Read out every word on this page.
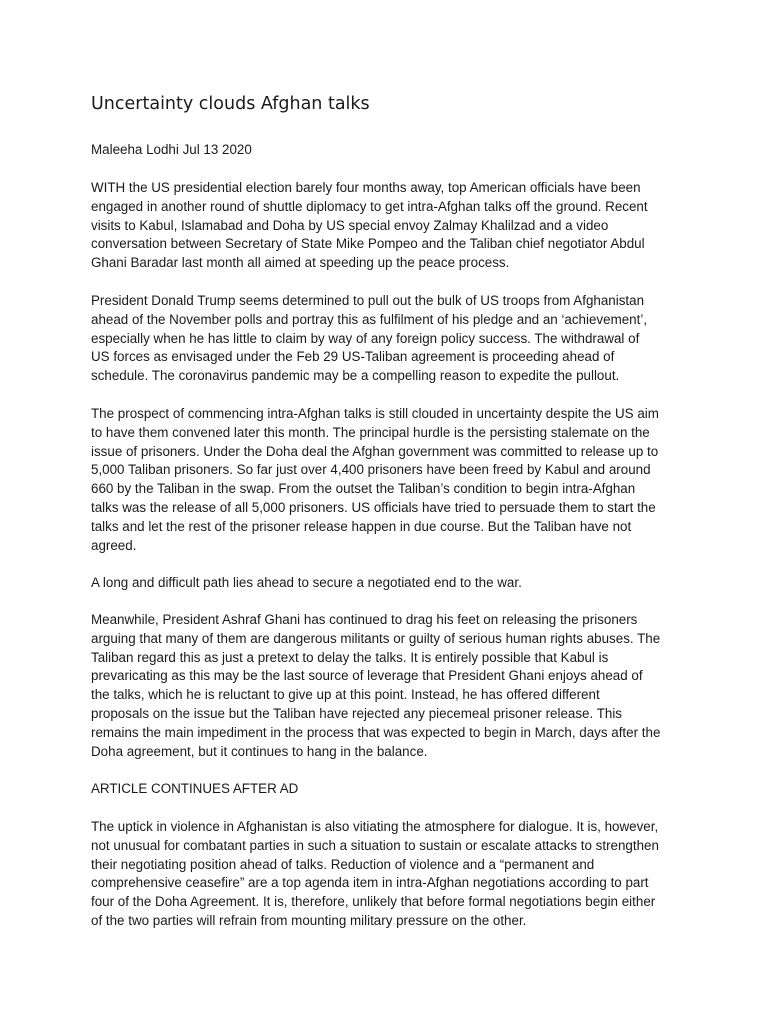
Uncertainty clouds Afghan talks

Maleeha Lodhi Jul 13 2020

WITH the US presidential election barely four months away, top American officials have been
engaged in another round of shuttle diplomacy to get intra-Afghan talks off the ground. Recent
visits to Kabul, Islamabad and Doha by US special envoy Zalmay Khalilzad and a video
conversation between Secretary of State Mike Pompeo and the Taliban chief negotiator Abdul
Ghani Baradar last month all aimed at speeding up the peace process.

President Donald Trump seems determined to pull out the bulk of US troops from Afghanistan
ahead of the November polls and portray this as fulfilment of his pledge and an ‘achievement’,
especially when he has little to claim by way of any foreign policy success. The withdrawal of
US forces as envisaged under the Feb 29 US-Taliban agreement is proceeding ahead of
schedule. The coronavirus pandemic may be a compelling reason to expedite the pullout.

The prospect of commencing intra-Afghan talks is still clouded in uncertainty despite the US aim
to have them convened later this month. The principal hurdle is the persisting stalemate on the
issue of prisoners. Under the Doha deal the Afghan government was committed to release up to
5,000 Taliban prisoners. So far just over 4,400 prisoners have been freed by Kabul and around
660 by the Taliban in the swap. From the outset the Taliban’s condition to begin intra-Afghan
talks was the release of all 5,000 prisoners. US officials have tried to persuade them to start the
talks and let the rest of the prisoner release happen in due course. But the Taliban have not
agreed.

A long and difficult path lies ahead to secure a negotiated end to the war.

Meanwhile, President Ashraf Ghani has continued to drag his feet on releasing the prisoners
arguing that many of them are dangerous militants or guilty of serious human rights abuses. The
Taliban regard this as just a pretext to delay the talks. It is entirely possible that Kabul is
prevaricating as this may be the last source of leverage that President Ghani enjoys ahead of
the talks, which he is reluctant to give up at this point. Instead, he has offered different
proposals on the issue but the Taliban have rejected any piecemeal prisoner release. This
remains the main impediment in the process that was expected to begin in March, days after the
Doha agreement, but it continues to hang in the balance.

ARTICLE CONTINUES AFTER AD

The uptick in violence in Afghanistan is also vitiating the atmosphere for dialogue. It is, however,
not unusual for combatant parties in such a situation to sustain or escalate attacks to strengthen
their negotiating position ahead of talks. Reduction of violence and a “permanent and
comprehensive ceasefire” are a top agenda item in intra-Afghan negotiations according to part
four of the Doha Agreement. It is, therefore, unlikely that before formal negotiations begin either
of the two parties will refrain from mounting military pressure on the other.
